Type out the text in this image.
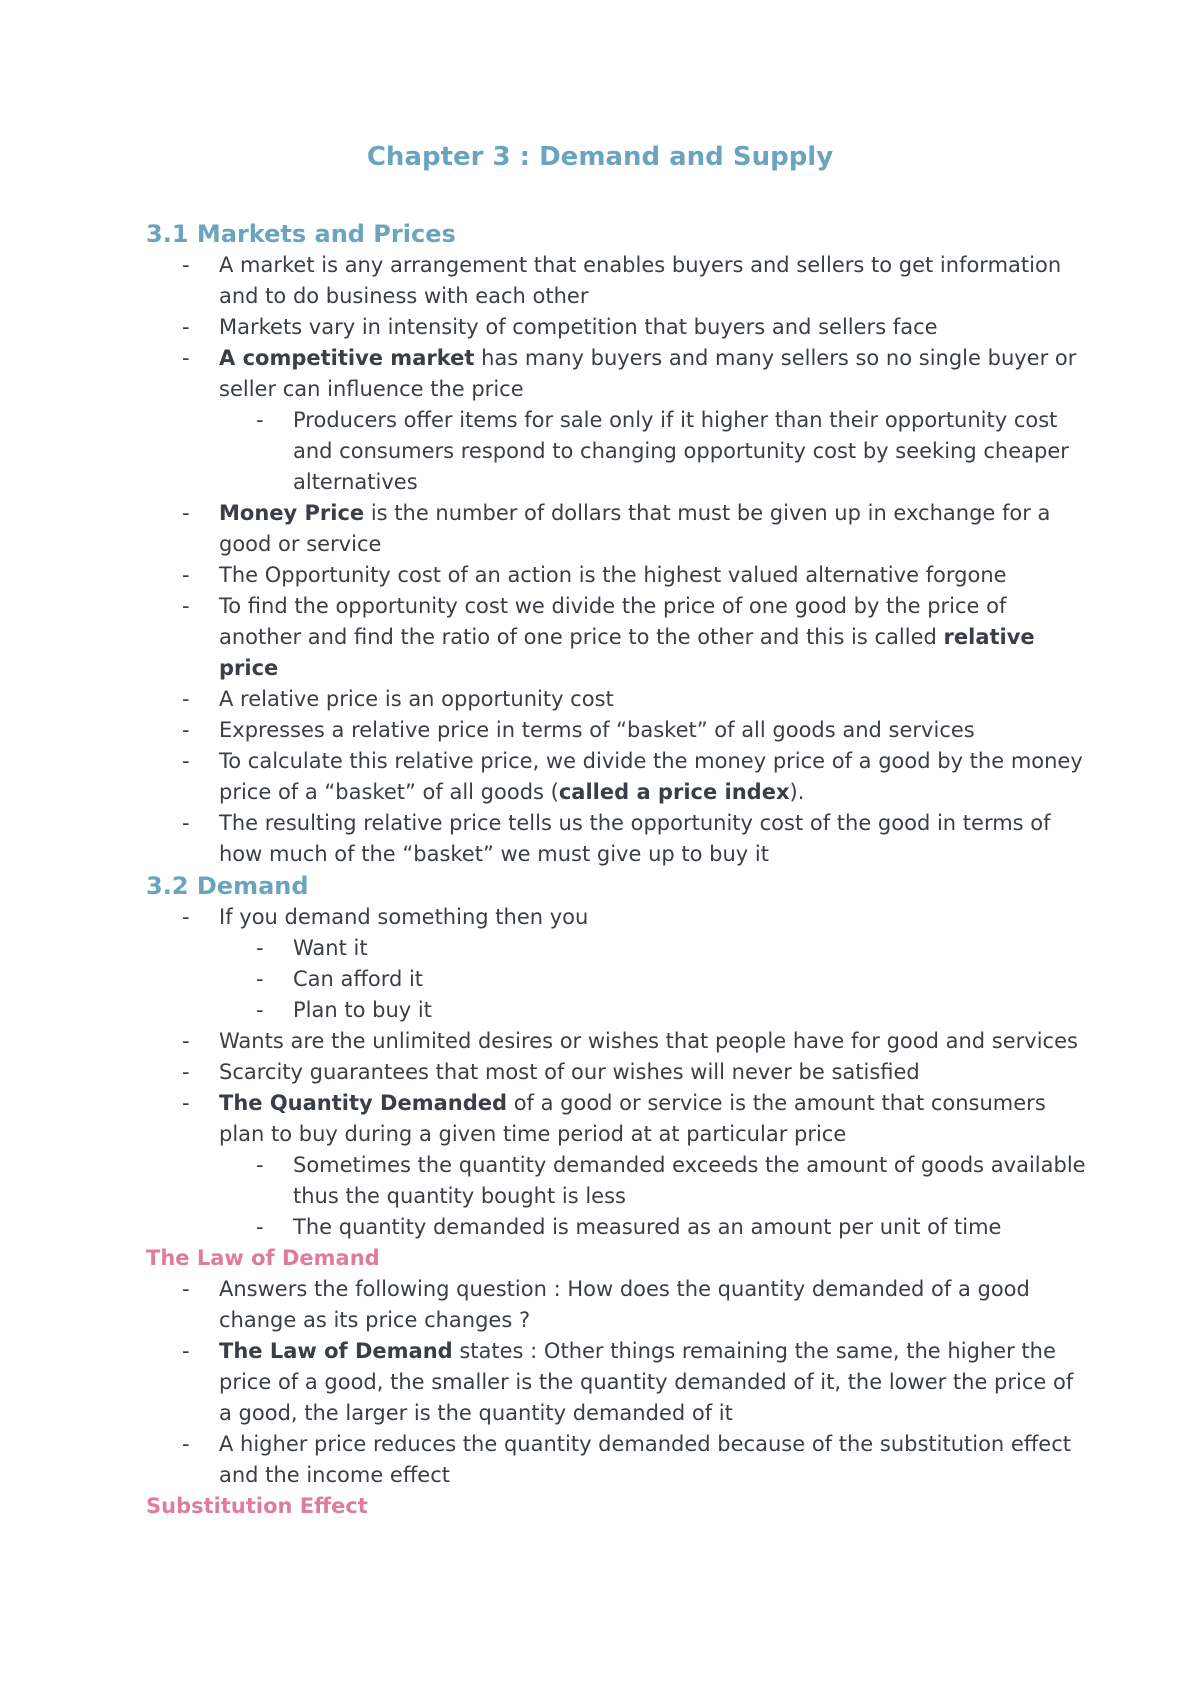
Chapter 3 : Demand and Supply
3.1 Markets and Prices
- A market is any arrangement that enables buyers and sellers to get information and to do business with each other
- Markets vary in intensity of competition that buyers and sellers face
- A competitive market has many buyers and many sellers so no single buyer or seller can influence the price
- Producers offer items for sale only if it higher than their opportunity cost and consumers respond to changing opportunity cost by seeking cheaper alternatives
- Money Price is the number of dollars that must be given up in exchange for a good or service
- The Opportunity cost of an action is the highest valued alternative forgone
- To find the opportunity cost we divide the price of one good by the price of another and find the ratio of one price to the other and this is called relative price
- A relative price is an opportunity cost
- Expresses a relative price in terms of “basket” of all goods and services
- To calculate this relative price, we divide the money price of a good by the money price of a “basket” of all goods (called a price index).
- The resulting relative price tells us the opportunity cost of the good in terms of how much of the “basket” we must give up to buy it
3.2 Demand
- If you demand something then you
- Want it
- Can afford it
- Plan to buy it
- Wants are the unlimited desires or wishes that people have for good and services
- Scarcity guarantees that most of our wishes will never be satisfied
- The Quantity Demanded of a good or service is the amount that consumers plan to buy during a given time period at at particular price
- Sometimes the quantity demanded exceeds the amount of goods available thus the quantity bought is less
- The quantity demanded is measured as an amount per unit of time
The Law of Demand
- Answers the following question : How does the quantity demanded of a good change as its price changes ?
- The Law of Demand states : Other things remaining the same, the higher the price of a good, the smaller is the quantity demanded of it, the lower the price of a good, the larger is the quantity demanded of it
- A higher price reduces the quantity demanded because of the substitution effect and the income effect
Substitution Effect
